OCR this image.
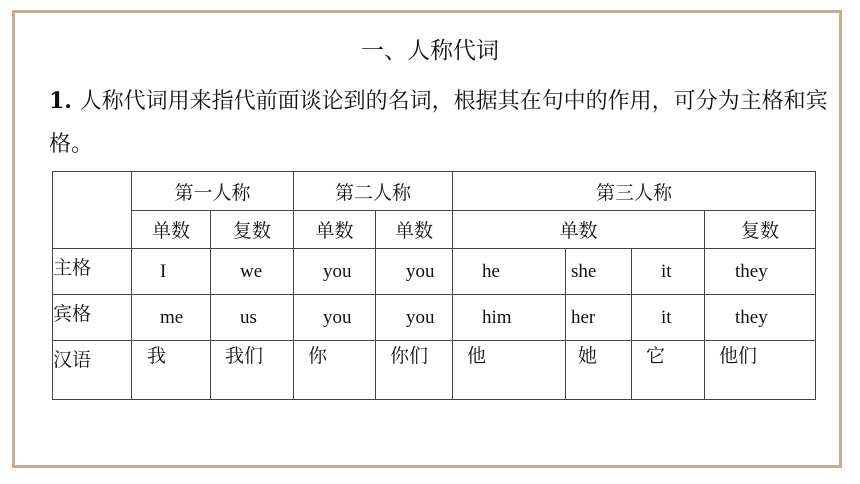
一、人称代词
1. 人称代词用来指代前面谈论到的名词，根据其在句中的作用，可分为主格和宾格。
	第一人称		第二人称		第三人称			
	单数	复数	单数	单数	单数			复数
主格	I	we	you	you	he	she	it	they
宾格	me	us	you	you	him	her	it	they
汉语	我	我们	你	你们	他	她	它	他们
